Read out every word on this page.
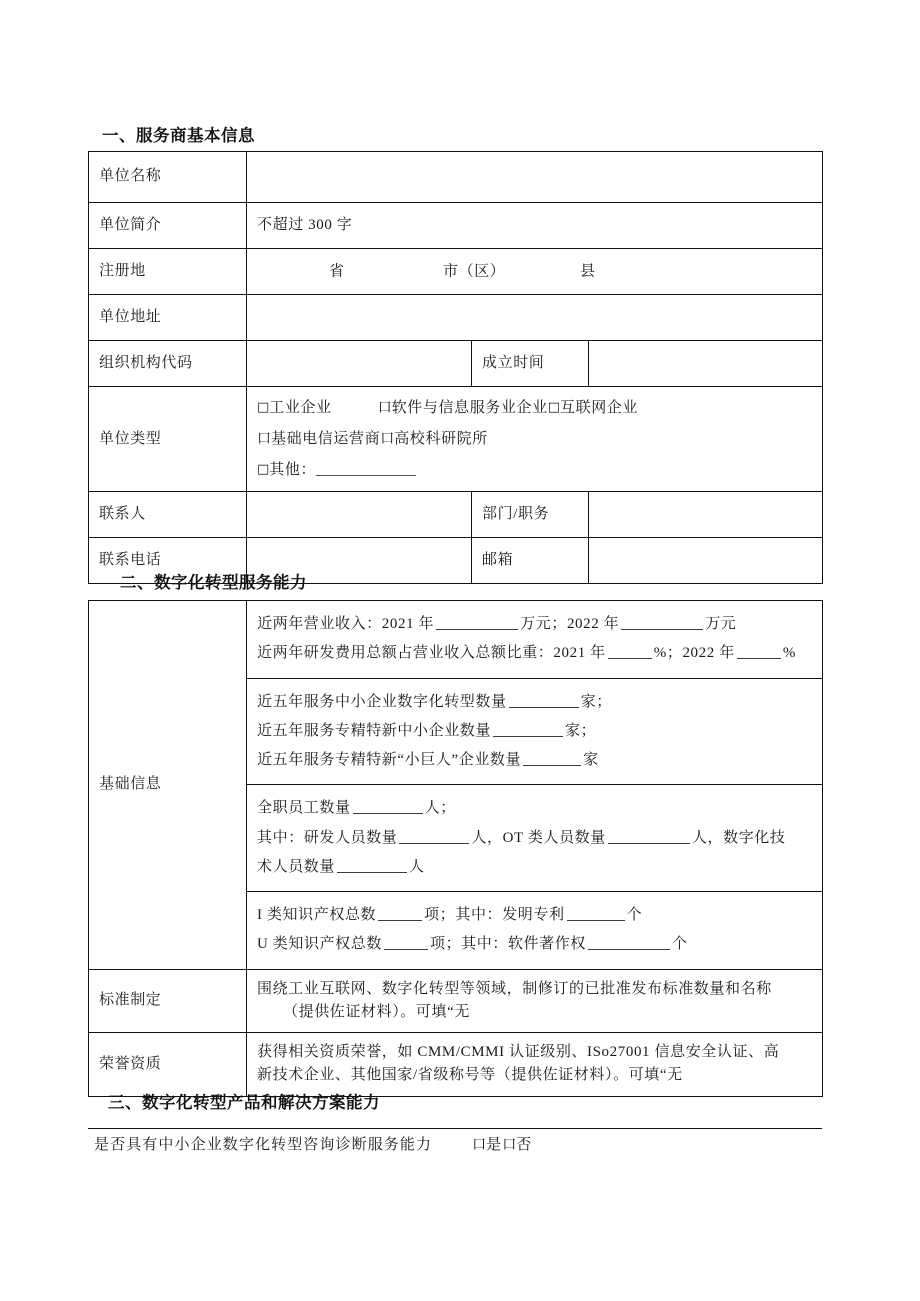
一、服务商基本信息
单位名称			
单位简介	不超过 300 字		
注册地	省 市（区） 县		

单位地址			
组织机构代码		成立时间	
单位类型	□工业企业 口软件与信息服务业企业□互联网企业
口基础电信运营商口高校科研院所
□其他：		

联系人		部门/职务	
联系电话		邮箱	
二、数字化转型服务能力
基础信息	
近两年营业收入：2021 年	万元；2022 年	万元
近两年研发费用总额占营业收入总额比重：2021 年	%；2022 年	%
近五年服务中小企业数字化转型数量	家；
近五年服务专精特新中小企业数量	家；
近五年服务专精特新“小巨人”企业数量	家
全职员工数量	人；
其中：研发人员数量	人，OT 类人员数量	人，数字化技
术人员数量	人
I 类知识产权总数	项；其中：发明专利	个
U 类知识产权总数	项；其中：软件著作权	个

标准制定	围绕工业互联网、数字化转型等领域，制修订的已批准发布标准数量和名称
（提供佐证材料）。可填“无

荣誉资质	获得相关资质荣誉，如 CMM/CMMI 认证级别、ISo27001 信息安全认证、高
新技术企业、其他国家/省级称号等（提供佐证材料）。可填“无
三、数字化转型产品和解决方案能力
是否具有中小企业数字化转型咨询诊断服务能力	口是口否
